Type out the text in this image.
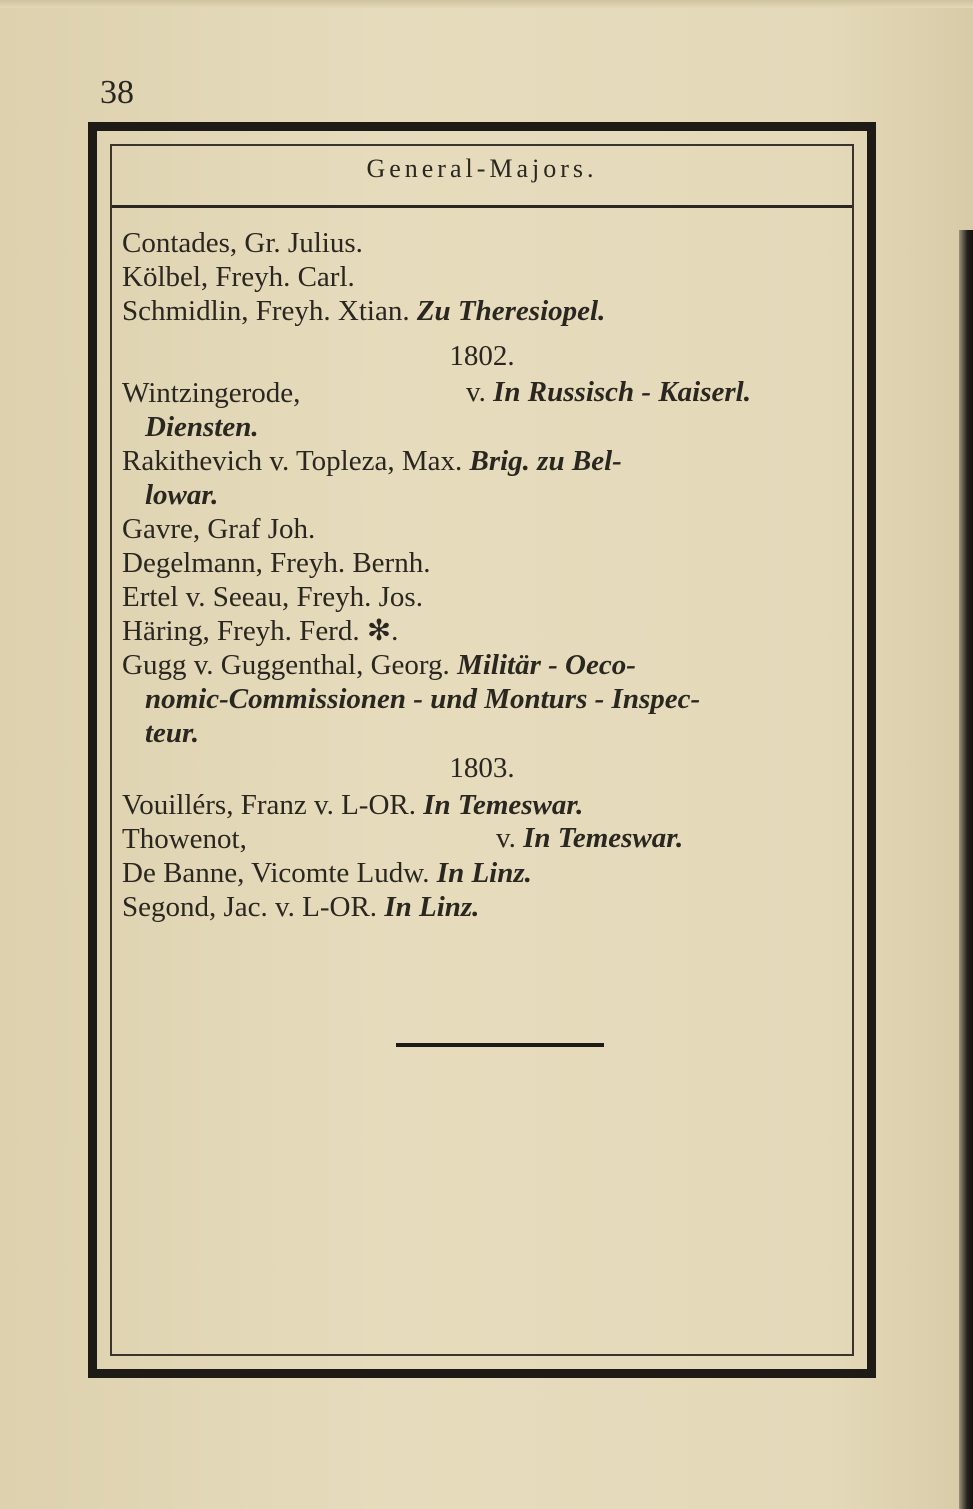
38
General-Majors.
Contades, Gr. Julius.
Kölbel, Freyh. Carl.
Schmidlin, Freyh. Xtian. Zu Theresiopel.
1802.
Wintzingerode,	v. In Russisch - Kaiserl.
Diensten.
Rakithevich v. Topleza, Max. Brig. zu Bel-
lowar.
Gavre, Graf Joh.
Degelmann, Freyh. Bernh.
Ertel v. Seeau, Freyh. Jos.
Häring, Freyh. Ferd. ✻.
Gugg v. Guggenthal, Georg. Militär - Oeco-
nomic-Commissionen - und Monturs - Inspec-
teur.
1803.
Vouillérs, Franz v. L-OR. In Temeswar.
Thowenot,	v. In Temeswar.
De Banne, Vicomte Ludw. In Linz.
Segond, Jac. v. L-OR. In Linz.
